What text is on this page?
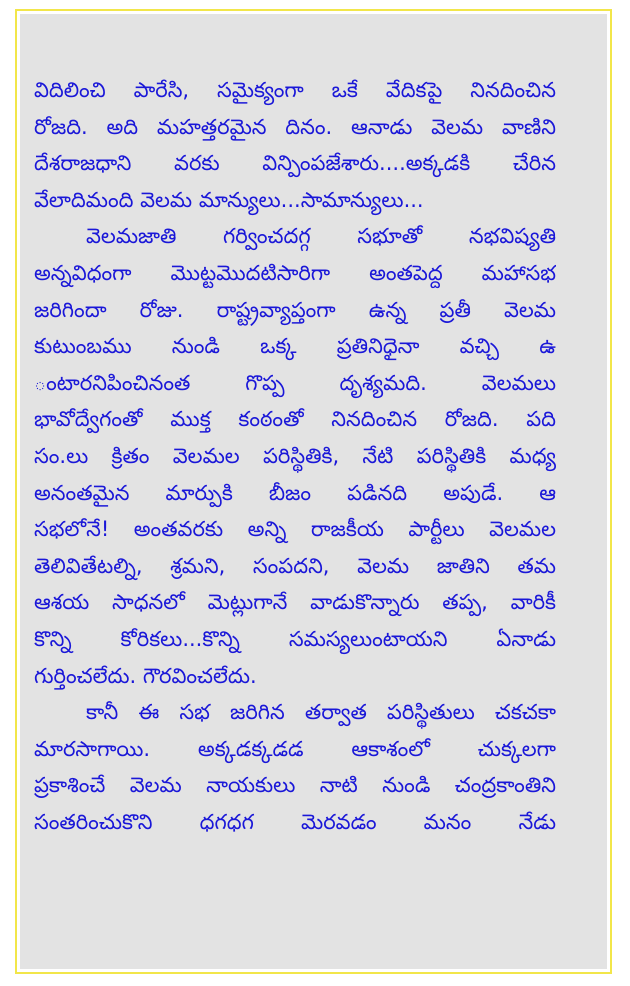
విదిలించి పారేసి, సమైక్యంగా ఒకే వేదికపై నినదించిన
రోజది. అది మహత్తరమైన దినం. ఆనాడు వెలమ వాణిని
దేశరాజధాని వరకు విన్పింపజేశారు....అక్కడకి చేరిన
వేలాదిమంది వెలమ మాన్యులు...సామాన్యులు...
వెలమజాతి గర్వించదగ్గ సభూతో నభవిష్యతి
అన్నవిధంగా మొట్టమొదటిసారిగా అంతపెద్ద మహాసభ
జరిగిందా రోజు. రాష్ట్రవ్యాప్తంగా ఉన్న ప్రతీ వెలమ
కుటుంబము నుండి ఒక్క ప్రతినిధైనా వచ్చి ఉ
ంటారనిపించినంత గొప్ప దృశ్యమది. వెలమలు
భావోద్వేగంతో ముక్త కంఠంతో నినదించిన రోజది. పది
సం.లు క్రితం వెలమల పరిస్థితికి, నేటి పరిస్థితికి మధ్య
అనంతమైన మార్పుకి బీజం పడినది అపుడే. ఆ
సభలోనే! అంతవరకు అన్ని రాజకీయ పార్టీలు వెలమల
తెలివితేటల్ని, శ్రమని, సంపదని, వెలమ జాతిని తమ
ఆశయ సాధనలో మెట్లుగానే వాడుకొన్నారు తప్ప, వారికీ
కొన్ని కోరికలు...కొన్ని సమస్యలుంటాయని ఏనాడు
గుర్తించలేదు. గౌరవించలేదు.
కానీ ఈ సభ జరిగిన తర్వాత పరిస్థితులు చకచకా
మారసాగాయి. అక్కడక్కడడ ఆకాశంలో చుక్కలగా
ప్రకాశించే వెలమ నాయకులు నాటి నుండి చంద్రకాంతిని
సంతరించుకొని ధగధగ మెరవడం మనం నేడు
